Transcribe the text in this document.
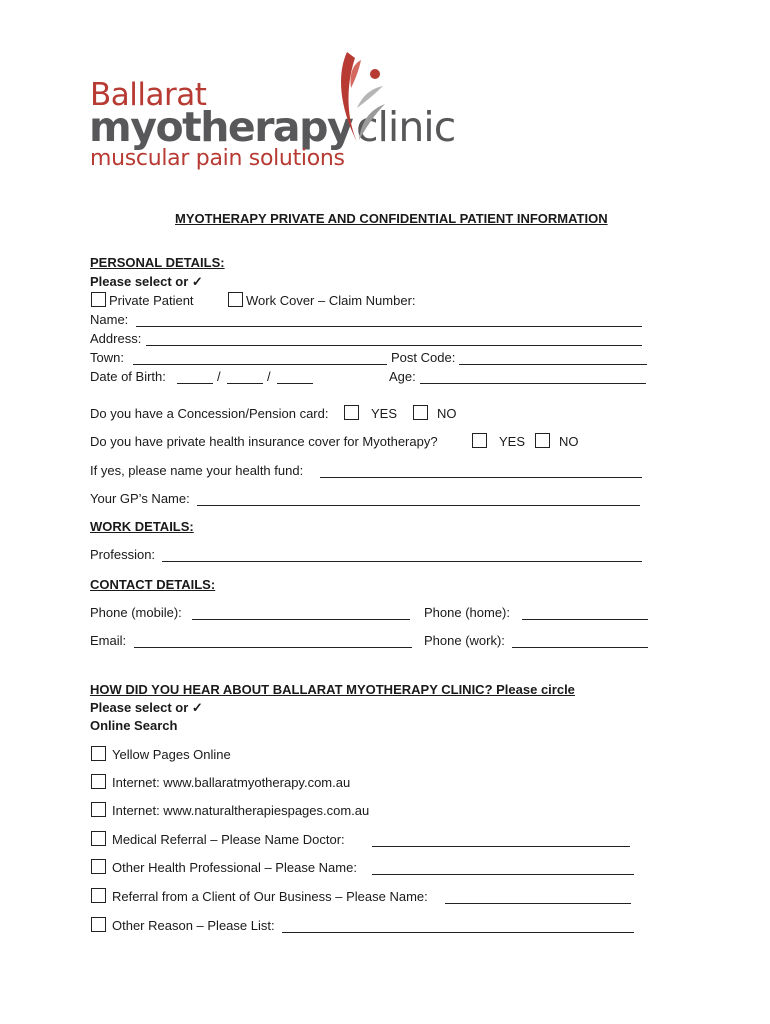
Ballarat
myotherapy clinic
muscular pain solutions
MYOTHERAPY PRIVATE AND CONFIDENTIAL PATIENT INFORMATION
PERSONAL DETAILS:
Please select or ✓
Private Patient	Work Cover – Claim Number:
Name:
Address:
Town:	Post Code:
Date of Birth:	/	/	Age:
Do you have a Concession/Pension card:	YES	NO
Do you have private health insurance cover for Myotherapy?	YES	NO
If yes, please name your health fund:
Your GP’s Name:
WORK DETAILS:
Profession:
CONTACT DETAILS:
Phone (mobile):	Phone (home):
Email:	Phone (work):
HOW DID YOU HEAR ABOUT BALLARAT MYOTHERAPY CLINIC? Please circle
Please select or ✓
Online Search
Yellow Pages Online
Internet: www.ballaratmyotherapy.com.au
Internet: www.naturaltherapiespages.com.au
Medical Referral – Please Name Doctor:
Other Health Professional – Please Name:
Referral from a Client of Our Business – Please Name:
Other Reason – Please List:
